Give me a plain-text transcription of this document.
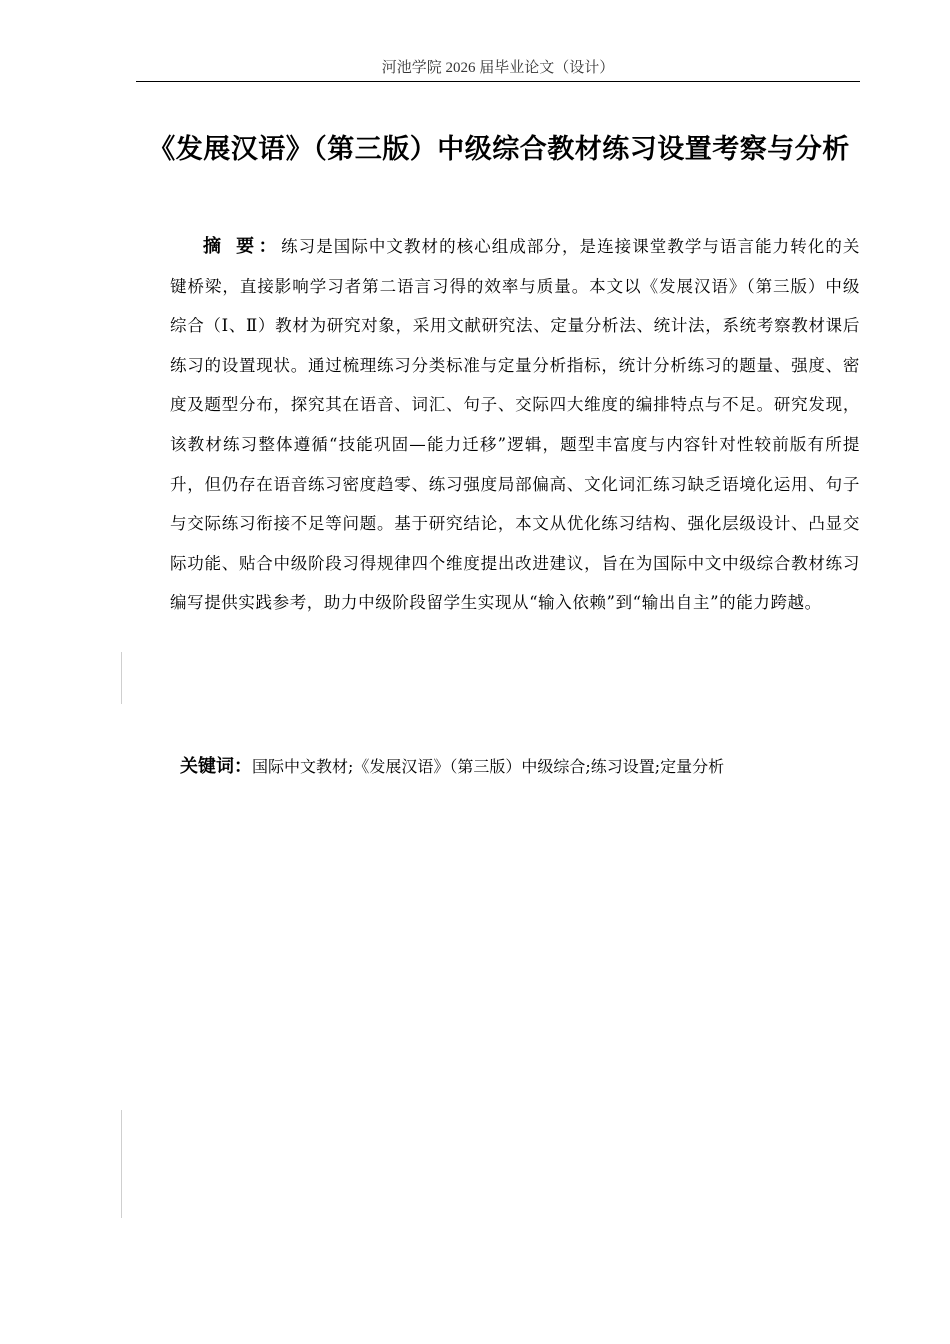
河池学院 2026 届毕业论文（设计）
《发展汉语》（第三版）中级综合教材练习设置考察与分析

摘 要：练习是国际中文教材的核心组成部分，是连接课堂教学与语言能力转化的关键桥梁，直接影响学习者第二语言习得的效率与质量。本文以《发展汉语》（第三版）中级综合（Ⅰ、Ⅱ）教材为研究对象，采用文献研究法、定量分析法、统计法，系统考察教材课后练习的设置现状。通过梳理练习分类标准与定量分析指标，统计分析练习的题量、强度、密度及题型分布，探究其在语音、词汇、句子、交际四大维度的编排特点与不足。研究发现，该教材练习整体遵循“技能巩固—能力迁移”逻辑，题型丰富度与内容针对性较前版有所提升，但仍存在语音练习密度趋零、练习强度局部偏高、文化词汇练习缺乏语境化运用、句子与交际练习衔接不足等问题。基于研究结论，本文从优化练习结构、强化层级设计、凸显交际功能、贴合中级阶段习得规律四个维度提出改进建议，旨在为国际中文中级综合教材练习编写提供实践参考，助力中级阶段留学生实现从“输入依赖”到“输出自主”的能力跨越。

关键词：国际中文教材;《发展汉语》（第三版）中级综合;练习设置;定量分析
